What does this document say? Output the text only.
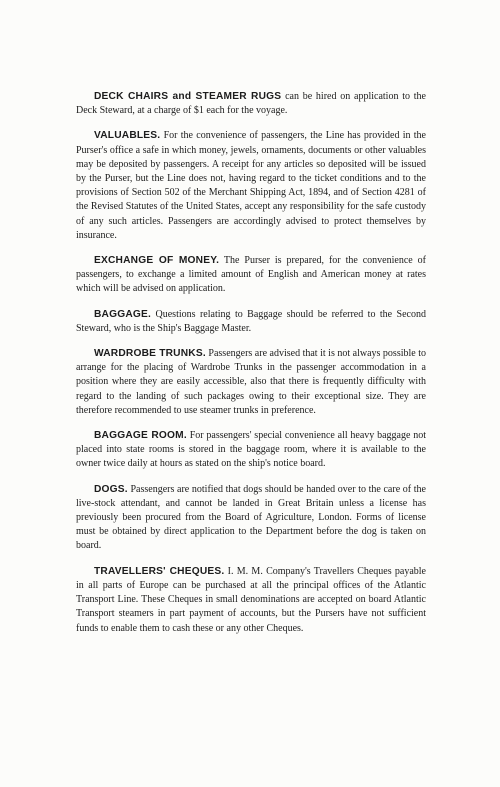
DECK CHAIRS and STEAMER RUGS can be hired on application to the Deck Steward, at a charge of $1 each for the voyage.

VALUABLES. For the convenience of passengers, the Line has provided in the Purser's office a safe in which money, jewels, ornaments, documents or other valuables may be deposited by passengers. A receipt for any articles so deposited will be issued by the Purser, but the Line does not, having regard to the ticket conditions and to the provisions of Section 502 of the Merchant Shipping Act, 1894, and of Section 4281 of the Revised Statutes of the United States, accept any responsibility for the safe custody of any such articles. Passengers are accordingly advised to protect themselves by insurance.

EXCHANGE OF MONEY. The Purser is prepared, for the convenience of passengers, to exchange a limited amount of English and American money at rates which will be advised on application.

BAGGAGE. Questions relating to Baggage should be referred to the Second Steward, who is the Ship's Baggage Master.

WARDROBE TRUNKS. Passengers are advised that it is not always possible to arrange for the placing of Wardrobe Trunks in the passenger accommodation in a position where they are easily accessible, also that there is frequently difficulty with regard to the landing of such packages owing to their exceptional size. They are therefore recommended to use steamer trunks in preference.

BAGGAGE ROOM. For passengers' special convenience all heavy baggage not placed into state rooms is stored in the baggage room, where it is available to the owner twice daily at hours as stated on the ship's notice board.

DOGS. Passengers are notified that dogs should be handed over to the care of the live-stock attendant, and cannot be landed in Great Britain unless a license has previously been procured from the Board of Agriculture, London. Forms of license must be obtained by direct application to the Department before the dog is taken on board.

TRAVELLERS' CHEQUES. I. M. M. Company's Travellers Cheques payable in all parts of Europe can be purchased at all the principal offices of the Atlantic Transport Line. These Cheques in small denominations are accepted on board Atlantic Transport steamers in part payment of accounts, but the Pursers have not sufficient funds to enable them to cash these or any other Cheques.
